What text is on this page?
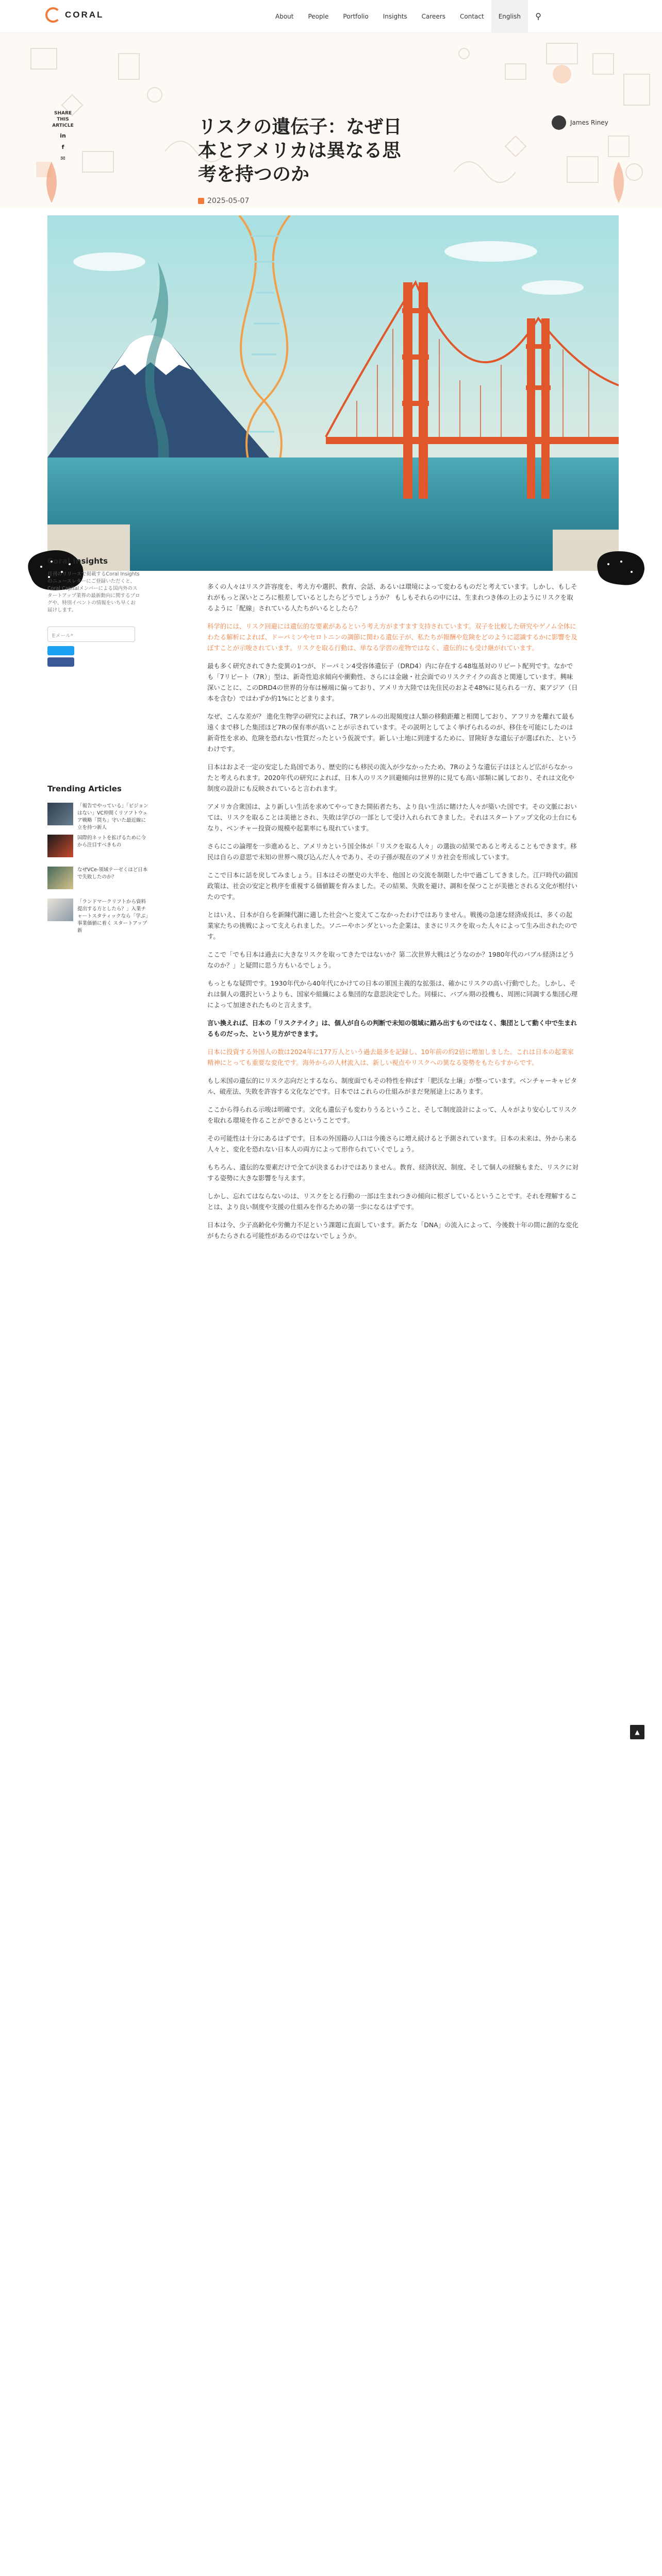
CORAL	About	People	Portfolio	Insights	Careers	Contact	English	⚲
SHARE THIS
ARTICLE
in
f
✉
リスクの遺伝子：なぜ日本とアメリカは異なる思考を持つのか
2025-05-07
James Riney
Coral Insights

月刊のリリースで掲載するCoral Insightsのニュースレターにご登録いただくと、Coral Capitalメンバーによる国内外のスタートアップ業界の最新動向に関するブログや、特別イベントの情報をいち早くお届けします。

Eメール*
Trending Articles
「報告でやっている」「ビジョンはない」VC仲間くリソフトウェア戦略「罠ち」守いた最近線に立を持つ新人
国際的ネットを拡げるために今から注目すべきもの
なぜVCe-領域テーゼくほど日本で失敗したのか？
「ランドマークリフトから資料提出する方としたら？」入業チャートスタティックなら「学ぶ」事業価値に着く スタートアップ新

多くの人々はリスク許容度を、考え方や選択、教育、会話、あるいは環境によって変わるものだと考えています。しかし、もしそれがもっと深いところに根差しているとしたらどうでしょうか？ もしもそれらの中には、生まれつき体の上のようにリスクを取るように「配線」されている人たちがいるとしたら？

科学的には、リスク回避には遺伝的な要素があるという考え方がますます支持されています。双子を比較した研究やゲノム全体にわたる解析によれば、ドーパミンやセロトニンの調節に関わる遺伝子が、私たちが報酬や危険をどのように認識するかに影響を及ぼすことが示唆されています。リスクを取る行動は、単なる学習の産物ではなく、遺伝的にも受け継がれています。

最も多く研究されてきた変異の1つが、ドーパミン4受容体遺伝子（DRD4）内に存在する48塩基対のリピート配列です。なかでも「7リピート（7R）」型は、新奇性追求傾向や衝動性、さらには金融・社会面でのリスクテイクの高さと関連しています。興味深いことに、このDRD4の世界的分布は極端に偏っており、アメリカ大陸では先住民のおよそ48%に見られる一方、東アジア（日本を含む）ではわずか約1%にとどまります。

なぜ、こんな差が？ 進化生物学の研究によれば、7Rアレルの出現頻度は人類の移動距離と相関しており、アフリカを離れて最も遠くまで移した集団ほど7Rの保有率が高いことが示されています。その説明としてよく挙げられるのが、移住を可能にしたのは新奇性を求め、危険を恐れない性質だったという仮説です。新しい土地に到達するために、冒険好きな遺伝子が選ばれた、というわけです。

日本はおよそ一定の安定した島国であり、歴史的にも移民の流入が少なかったため、7Rのような遺伝子はほとんど広がらなかったと考えられます。2020年代の研究によれば、日本人のリスク回避傾向は世界的に見ても高い部類に属しており、それは文化や制度の設計にも反映されていると言われます。

アメリカ合衆国は、より新しい生活を求めてやってきた開拓者たち、より良い生活に賭けた人々が築いた国です。その文脈においては、リスクを取ることは美徳とされ、失敗は学びの一部として受け入れられてきました。それはスタートアップ文化の土台にもなり、ベンチャー投資の規模や起業率にも現れています。

さらにこの論理を一歩進めると、アメリカという国全体が「リスクを取る人々」の選抜の結果であると考えることもできます。移民は自らの意思で未知の世界へ飛び込んだ人々であり、その子孫が現在のアメリカ社会を形成しています。

ここで日本に話を戻してみましょう。日本はその歴史の大半を、他国との交流を制限した中で過ごしてきました。江戸時代の鎖国政策は、社会の安定と秩序を重視する価値観を育みました。その結果、失敗を避け、調和を保つことが美徳とされる文化が根付いたのです。

とはいえ、日本が自らを新陳代謝に適した社会へと変えてこなかったわけではありません。戦後の急速な経済成長は、多くの起業家たちの挑戦によって支えられました。ソニーやホンダといった企業は、まさにリスクを取った人々によって生み出されたのです。

ここで「でも日本は過去に大きなリスクを取ってきたではないか？第二次世界大戦はどうなのか？1980年代のバブル経済はどうなのか？」と疑問に思う方もいるでしょう。

もっともな疑問です。1930年代から40年代にかけての日本の軍国主義的な拡張は、確かにリスクの高い行動でした。しかし、それは個人の選択というよりも、国家や組織による集団的な意思決定でした。同様に、バブル期の投機も、周囲に同調する集団心理によって加速されたものと言えます。

言い換えれば、日本の「リスクテイク」は、個人が自らの判断で未知の領域に踏み出すものではなく、集団として動く中で生まれるものだった、という見方ができます。

日本に投資する外国人の数は2024年に177万人という過去最多を記録し、10年前の約2倍に増加しました。これは日本の起業家精神にとっても重要な変化です。海外からの人材流入は、新しい視点やリスクへの異なる姿勢をもたらすからです。

もし米国の遺伝的にリスク志向だとするなら、制度面でもその特性を伸ばす「肥沃な土壌」が整っています。ベンチャーキャピタル、破産法、失敗を許容する文化などです。日本ではこれらの仕組みがまだ発展途上にあります。

ここから得られる示唆は明確です。文化も遺伝子も変わりうるということ、そして制度設計によって、人々がより安心してリスクを取れる環境を作ることができるということです。

その可能性は十分にあるはずです。日本の外国籍の人口は今後さらに増え続けると予測されています。日本の未来は、外から来る人々と、変化を恐れない日本人の両方によって形作られていくでしょう。

もちろん、遺伝的な要素だけで全てが決まるわけではありません。教育、経済状況、制度、そして個人の経験もまた、リスクに対する姿勢に大きな影響を与えます。

しかし、忘れてはならないのは、リスクをとる行動の一部は生まれつきの傾向に根ざしているということです。それを理解することは、より良い制度や支援の仕組みを作るための第一歩になるはずです。

日本は今、少子高齢化や労働力不足という課題に直面しています。新たな「DNA」の流入によって、今後数十年の間に創的な変化がもたらされる可能性があるのではないでしょうか。

▲
